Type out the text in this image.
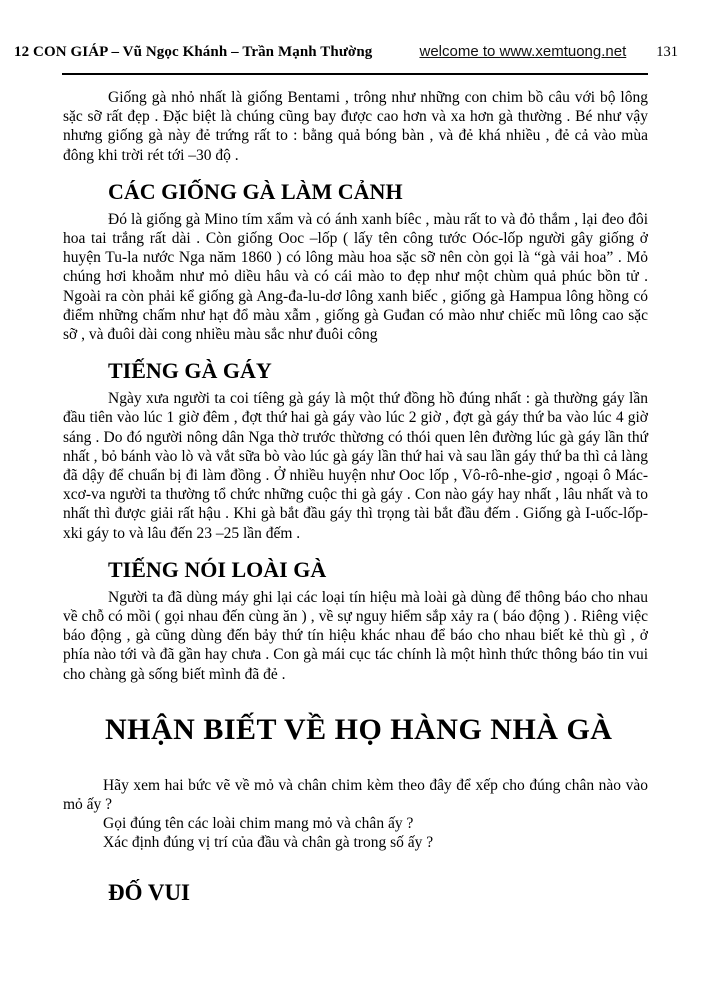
12 CON GIÁP – Vũ Ngọc Khánh – Trần Mạnh Thường	welcome to www.xemtuong.net 131

Giống gà nhỏ nhất là giống Bentami , trông như những con chim bồ câu với bộ lông sặc sỡ rất đẹp . Đặc biệt là chúng cũng bay được cao hơn và xa hơn gà thường . Bé như vậy nhưng giống gà này đẻ trứng rất to : bằng quả bóng bàn , và đẻ khá nhiều , đẻ cả vào mùa đông khi trời rét tới –30 độ .

CÁC GIỐNG GÀ LÀM CẢNH

Đó là giống gà Mino tím xẩm và có ánh xanh bíêc , màu rất to và đỏ thắm , lại đeo đôi hoa tai trắng rất dài . Còn giống Ooc –lốp ( lấy tên công tước Oóc-lốp người gây giống ở huyện Tu-la nước Nga năm 1860 ) có lông màu hoa sặc sỡ nên còn gọi là “gà vải hoa” . Mỏ chúng hơi khoằm như mỏ diều hâu và có cái mào to đẹp như một chùm quả phúc bồn tử . Ngoài ra còn phải kể giống gà Ang-đa-lu-dơ lông xanh biếc , giống gà Hampua lông hồng có điểm những chấm như hạt đổ màu xẫm , giống gà Guđan có mào như chiếc mũ lông cao sặc sỡ , và đuôi dài cong nhiều màu sắc như đuôi công

TIẾNG GÀ GÁY

Ngày xưa người ta coi tíêng gà gáy là một thứ đồng hồ đúng nhất : gà thường gáy lần đầu tiên vào lúc 1 giờ đêm , đợt thứ hai gà gáy vào lúc 2 giờ , đợt gà gáy thứ ba vào lúc 4 giờ sáng . Do đó người nông dân Nga thờ trước thừơng có thói quen lên đường lúc gà gáy lần thứ nhất , bỏ bánh vào lò và vắt sữa bò vào lúc gà gáy lần thứ hai và sau lần gáy thứ ba thì cả làng đã dậy để chuẩn bị đi làm đồng . Ở nhiều huyện như Ooc lốp , Vô-rô-nhe-giơ , ngoại ô Mác-xcơ-va người ta thường tổ chức những cuộc thi gà gáy . Con nào gáy hay nhất , lâu nhất và to nhất thì được giải rất hậu . Khi gà bắt đầu gáy thì trọng tài bắt đầu đếm . Giống gà I-uốc-lốp-xki gáy to và lâu đến 23 –25 lần đếm .

TIẾNG NÓI LOÀI GÀ

Người ta đã dùng máy ghi lại các loại tín hiệu mà loài gà dùng để thông báo cho nhau về chỗ có mồi ( gọi nhau đến cùng ăn ) , về sự nguy hiểm sắp xảy ra ( báo động ) . Riêng việc báo động , gà cũng dùng đến bảy thứ tín hiệu khác nhau để báo cho nhau biết kẻ thù gì , ở phía nào tới và đã gần hay chưa . Con gà mái cục tác chính là một hình thức thông báo tin vui cho chàng gà sống biết mình đã đẻ .

NHẬN BIẾT VỀ HỌ HÀNG NHÀ GÀ

Hãy xem hai bức vẽ về mỏ và chân chim kèm theo đây để xếp cho đúng chân nào vào mỏ ấy ?

Gọi đúng tên các loài chim mang mỏ và chân ấy ?

Xác định đúng vị trí của đầu và chân gà trong số ấy ?

ĐỐ VUI
